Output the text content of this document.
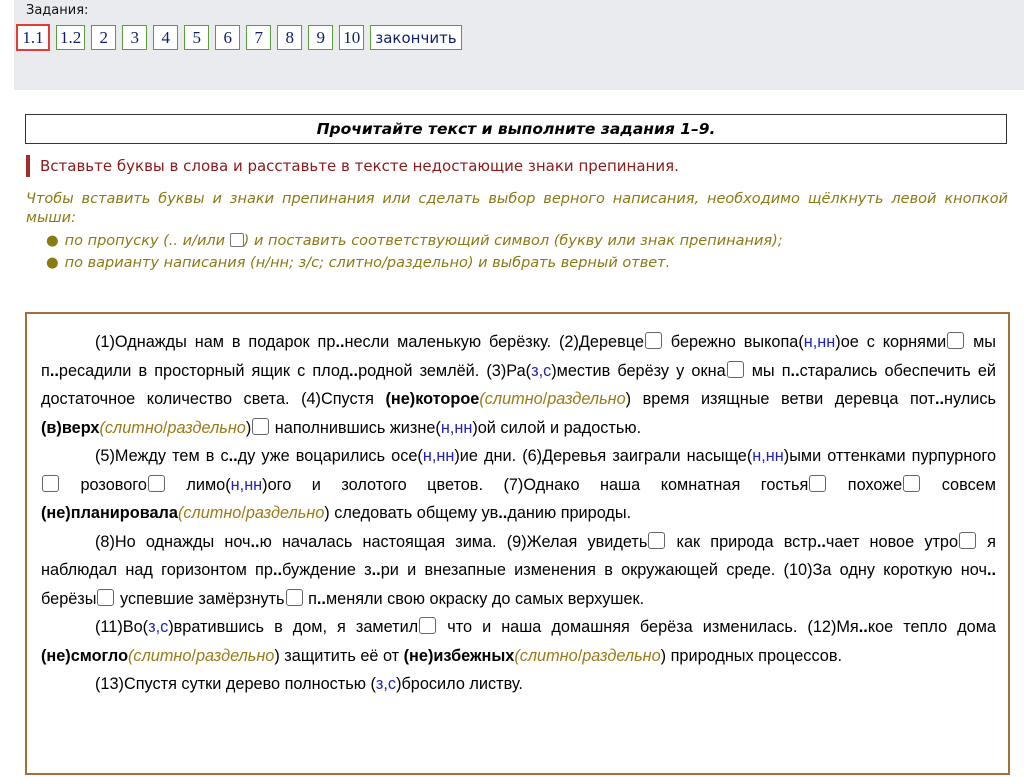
Задания:
1.1 1.2	2	3	4	5	6	7	8	9	10	закончить
Прочитайте текст и выполните задания 1–9.
Вставьте буквы в слова и расставьте в тексте недостающие знаки препинания.

Чтобы вставить буквы и знаки препинания или сделать выбор верного написания, необходимо щёлкнуть левой кнопкой мыши:

● по пропуску (.. и/или ) и поставить соответствующий символ (букву или знак препинания);
● по варианту написания (н/нн; з/с; слитно/раздельно) и выбрать верный ответ.

(1)Однажды нам в подарок пр..несли маленькую берёзку. (2)Деревце бережно выкопа(н,нн)ое с корнями мы п..ресадили в просторный ящик с плод..родной землёй. (3)Ра(з,с)местив берёзу у окна мы п..старались обеспечить ей достаточное количество света. (4)Спустя (не)которое(слитно/раздельно) время изящные ветви деревца пот..нулись (в)верх(слитно/раздельно) наполнившись жизне(н,нн)ой силой и радостью.

(5)Между тем в с..ду уже воцарились осе(н,нн)ие дни. (6)Деревья заиграли насыще(н,нн)ыми оттенками пурпурного розового лимо(н,нн)ого и золотого цветов. (7)Однако наша комнатная гостья похоже совсем (не)планировала(слитно/раздельно) следовать общему ув..данию природы.

(8)Но однажды ноч..ю началась настоящая зима. (9)Желая увидеть как природа встр..чает новое утро я наблюдал над горизонтом пр..буждение з..ри и внезапные изменения в окружающей среде. (10)За одну короткую ноч.. берёзы успевшие замёрзнуть п..меняли свою окраску до самых верхушек.

(11)Во(з,с)вратившись в дом, я заметил что и наша домашняя берёза изменилась. (12)Мя..кое тепло дома (не)смогло(слитно/раздельно) защитить её от (не)избежных(слитно/раздельно) природных процессов.

(13)Спустя сутки дерево полностью (з,с)бросило листву.
